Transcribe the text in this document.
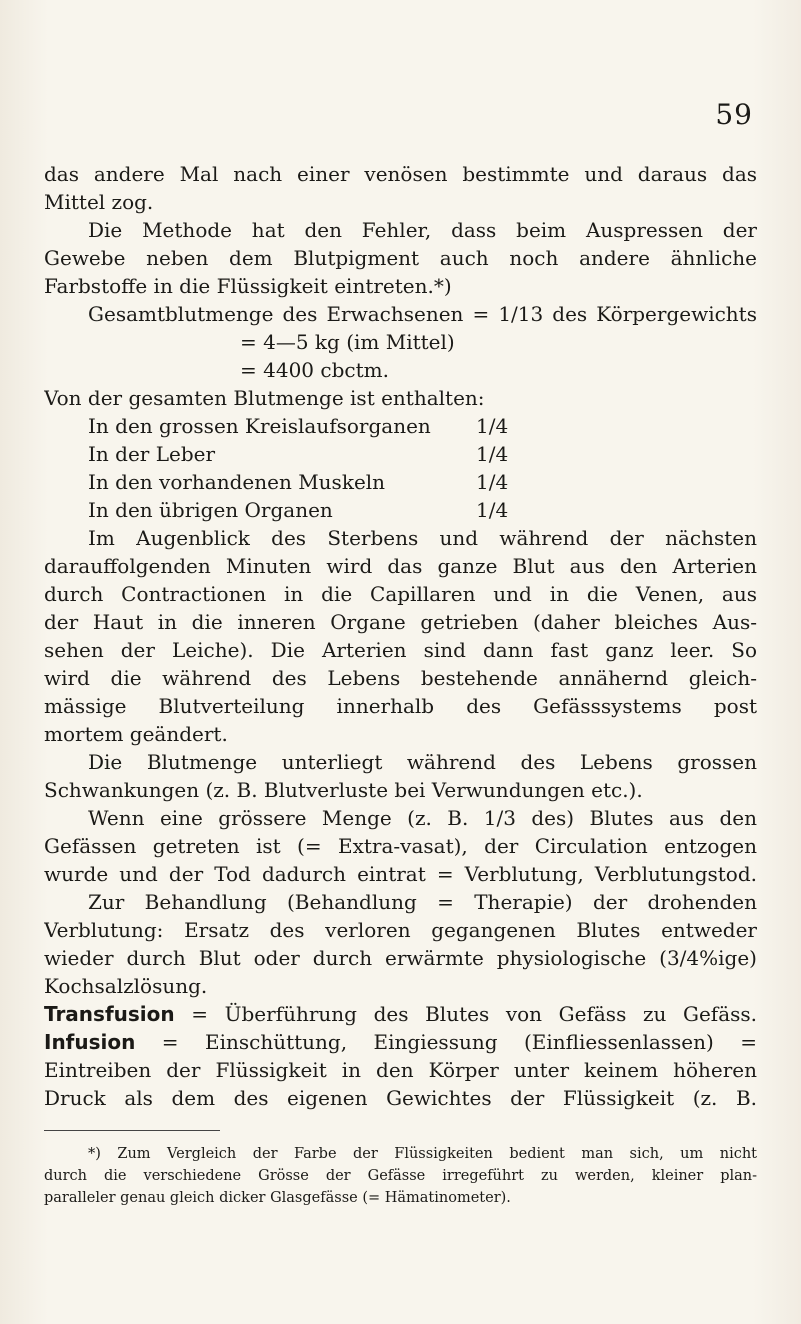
59
das andere Mal nach einer venösen bestimmte und daraus das
Mittel zog.
Die Methode hat den Fehler, dass beim Auspressen der
Gewebe neben dem Blutpigment auch noch andere ähnliche
Farbstoffe in die Flüssigkeit eintreten.*)
Gesamtblutmenge des Erwachsenen = 1/13 des Körpergewichts
= 4—5 kg (im Mittel)
= 4400 cbctm.
Von der gesamten Blutmenge ist enthalten:
In den grossen Kreislaufsorganen	1/4
In der Leber	1/4
In den vorhandenen Muskeln	1/4
In den übrigen Organen	1/4
Im Augenblick des Sterbens und während der nächsten
darauffolgenden Minuten wird das ganze Blut aus den Arterien
durch Contractionen in die Capillaren und in die Venen, aus
der Haut in die inneren Organe getrieben (daher bleiches Aus-
sehen der Leiche). Die Arterien sind dann fast ganz leer. So
wird die während des Lebens bestehende annähernd gleich-
mässige Blutverteilung innerhalb des Gefässsystems post
mortem geändert.
Die Blutmenge unterliegt während des Lebens grossen
Schwankungen (z. B. Blutverluste bei Verwundungen etc.).
Wenn eine grössere Menge (z. B. 1/3 des) Blutes aus den
Gefässen getreten ist (= Extra-vasat), der Circulation entzogen
wurde und der Tod dadurch eintrat = Verblutung, Verblutungstod.
Zur Behandlung (Behandlung = Therapie) der drohenden
Verblutung: Ersatz des verloren gegangenen Blutes entweder
wieder durch Blut oder durch erwärmte physiologische (3/4%ige)
Kochsalzlösung.
Transfusion = Überführung des Blutes von Gefäss zu Gefäss.
Infusion = Einschüttung, Eingiessung (Einfliessenlassen) =
Eintreiben der Flüssigkeit in den Körper unter keinem höheren
Druck als dem des eigenen Gewichtes der Flüssigkeit (z. B.
*) Zum Vergleich der Farbe der Flüssigkeiten bedient man sich, um nicht
durch die verschiedene Grösse der Gefässe irregeführt zu werden, kleiner plan-
paralleler genau gleich dicker Glasgefässe (= Hämatinometer).
